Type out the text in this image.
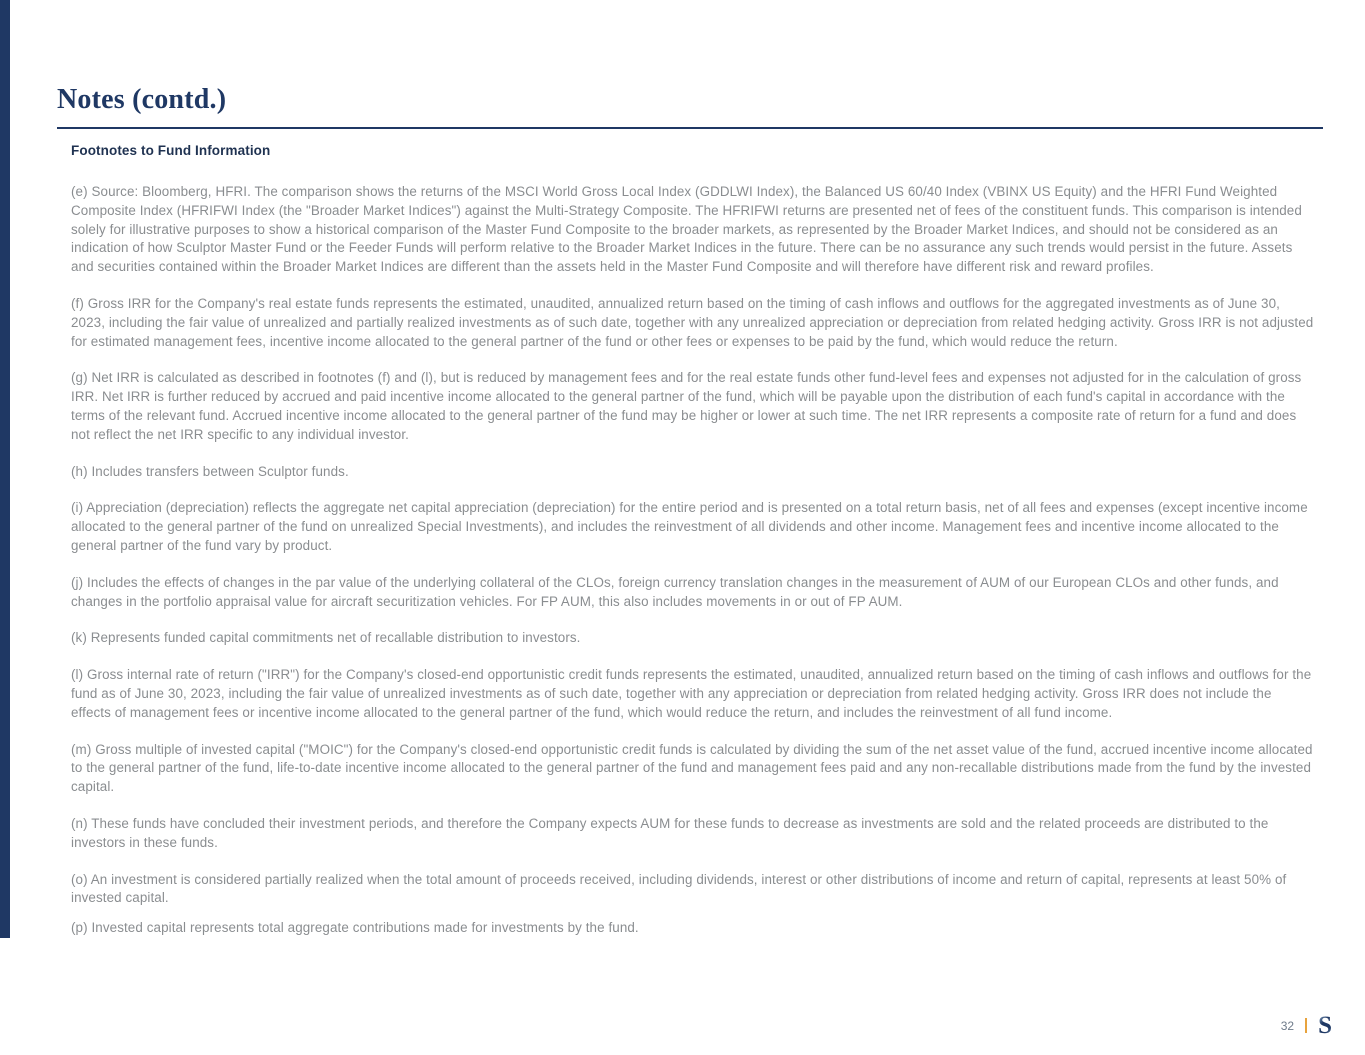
Notes (contd.)
Footnotes to Fund Information

(e) Source: Bloomberg, HFRI. The comparison shows the returns of the MSCI World Gross Local Index (GDDLWI Index), the Balanced US 60/40 Index (VBINX US Equity) and the HFRI Fund Weighted Composite Index (HFRIFWI Index (the "Broader Market Indices") against the Multi-Strategy Composite. The HFRIFWI returns are presented net of fees of the constituent funds. This comparison is intended solely for illustrative purposes to show a historical comparison of the Master Fund Composite to the broader markets, as represented by the Broader Market Indices, and should not be considered as an indication of how Sculptor Master Fund or the Feeder Funds will perform relative to the Broader Market Indices in the future. There can be no assurance any such trends would persist in the future. Assets and securities contained within the Broader Market Indices are different than the assets held in the Master Fund Composite and will therefore have different risk and reward profiles.

(f) Gross IRR for the Company's real estate funds represents the estimated, unaudited, annualized return based on the timing of cash inflows and outflows for the aggregated investments as of June 30, 2023, including the fair value of unrealized and partially realized investments as of such date, together with any unrealized appreciation or depreciation from related hedging activity. Gross IRR is not adjusted for estimated management fees, incentive income allocated to the general partner of the fund or other fees or expenses to be paid by the fund, which would reduce the return.

(g) Net IRR is calculated as described in footnotes (f) and (l), but is reduced by management fees and for the real estate funds other fund-level fees and expenses not adjusted for in the calculation of gross IRR. Net IRR is further reduced by accrued and paid incentive income allocated to the general partner of the fund, which will be payable upon the distribution of each fund's capital in accordance with the terms of the relevant fund. Accrued incentive income allocated to the general partner of the fund may be higher or lower at such time. The net IRR represents a composite rate of return for a fund and does not reflect the net IRR specific to any individual investor.

(h) Includes transfers between Sculptor funds.

(i) Appreciation (depreciation) reflects the aggregate net capital appreciation (depreciation) for the entire period and is presented on a total return basis, net of all fees and expenses (except incentive income allocated to the general partner of the fund on unrealized Special Investments), and includes the reinvestment of all dividends and other income. Management fees and incentive income allocated to the general partner of the fund vary by product.

(j) Includes the effects of changes in the par value of the underlying collateral of the CLOs, foreign currency translation changes in the measurement of AUM of our European CLOs and other funds, and changes in the portfolio appraisal value for aircraft securitization vehicles. For FP AUM, this also includes movements in or out of FP AUM.

(k) Represents funded capital commitments net of recallable distribution to investors.

(l) Gross internal rate of return ("IRR") for the Company's closed-end opportunistic credit funds represents the estimated, unaudited, annualized return based on the timing of cash inflows and outflows for the fund as of June 30, 2023, including the fair value of unrealized investments as of such date, together with any appreciation or depreciation from related hedging activity. Gross IRR does not include the effects of management fees or incentive income allocated to the general partner of the fund, which would reduce the return, and includes the reinvestment of all fund income.

(m) Gross multiple of invested capital ("MOIC") for the Company's closed-end opportunistic credit funds is calculated by dividing the sum of the net asset value of the fund, accrued incentive income allocated to the general partner of the fund, life-to-date incentive income allocated to the general partner of the fund and management fees paid and any non-recallable distributions made from the fund by the invested capital.

(n) These funds have concluded their investment periods, and therefore the Company expects AUM for these funds to decrease as investments are sold and the related proceeds are distributed to the investors in these funds.

(o) An investment is considered partially realized when the total amount of proceeds received, including dividends, interest or other distributions of income and return of capital, represents at least 50% of invested capital.

(p) Invested capital represents total aggregate contributions made for investments by the fund.

32 S
